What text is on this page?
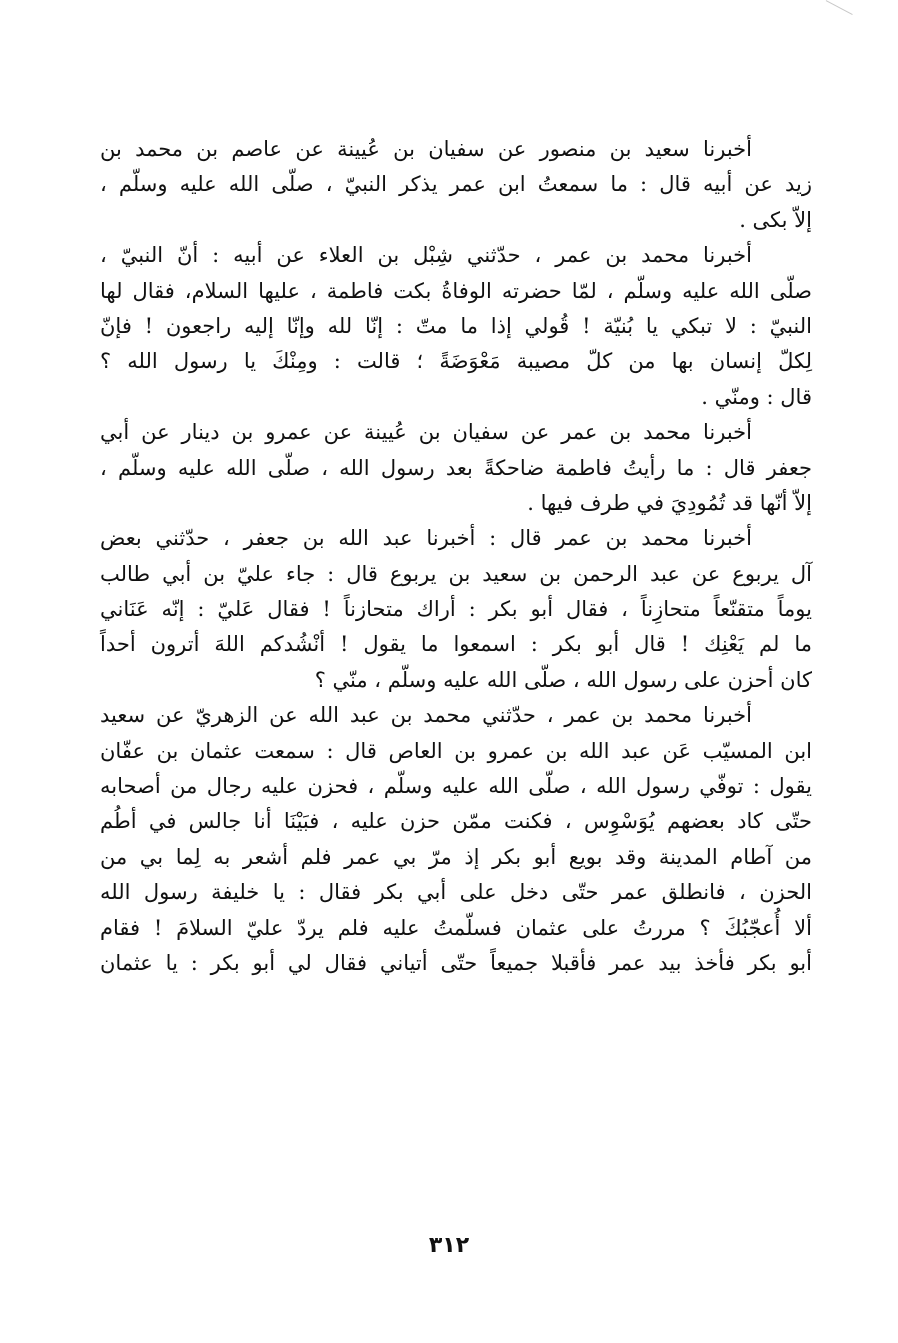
أخبرنا سعيد بن منصور عن سفيان بن عُيينة عن عاصم بن محمد بن
زيد عن أبيه قال : ما سمعتُ ابن عمر يذكر النبيّ ، صلّى الله عليه وسلّم ،
إلاّ بكى .
أخبرنا محمد بن عمر ، حدّثني شِبْل بن العلاء عن أبيه : أنّ النبيّ ،
صلّى الله عليه وسلّم ، لمّا حضرته الوفاةُ بكت فاطمة ، عليها السلام، فقال لها
النبيّ : لا تبكي يا بُنيّة ! قُولي إذا ما متّ : إنّا لله وإنّا إليه راجعون ! فإنّ
لِكلّ إنسان بها من كلّ مصيبة مَعْوَضَةً ؛ قالت : ومِنْكَ يا رسول الله ؟
قال : ومنّي .
أخبرنا محمد بن عمر عن سفيان بن عُيينة عن عمرو بن دينار عن أبي
جعفر قال : ما رأيتُ فاطمة ضاحكةً بعد رسول الله ، صلّى الله عليه وسلّم ،
إلاّ أنّها قد تُمُودِيَ في طرف فيها .
أخبرنا محمد بن عمر قال : أخبرنا عبد الله بن جعفر ، حدّثني بعض
آل يربوع عن عبد الرحمن بن سعيد بن يربوع قال : جاء عليّ بن أبي طالب
يوماً متقنّعاً متحازِناً ، فقال أبو بكر : أراك متحازناً ! فقال عَليّ : إنّه عَنَاني
ما لم يَعْنِك ! قال أبو بكر : اسمعوا ما يقول ! أنْشُدكم اللهَ أترون أحداً
كان أحزن على رسول الله ، صلّى الله عليه وسلّم ، منّي ؟
أخبرنا محمد بن عمر ، حدّثني محمد بن عبد الله عن الزهريّ عن سعيد
ابن المسيّب عَن عبد الله بن عمرو بن العاص قال : سمعت عثمان بن عفّان
يقول : توفّي رسول الله ، صلّى الله عليه وسلّم ، فحزن عليه رجال من أصحابه
حتّى كاد بعضهم يُوَسْوِس ، فكنت ممّن حزن عليه ، فبَيْنَا أنا جالس في أطُم
من آطام المدينة وقد بويع أبو بكر إذ مرّ بي عمر فلم أشعر به لِما بي من
الحزن ، فانطلق عمر حتّى دخل على أبي بكر فقال : يا خليفة رسول الله
ألا أُعجّبُكَ ؟ مررتُ على عثمان فسلّمتُ عليه فلم يردّ عليّ السلامَ ! فقام
أبو بكر فأخذ بيد عمر فأقبلا جميعاً حتّى أتياني فقال لي أبو بكر : يا عثمان
٣١٢
